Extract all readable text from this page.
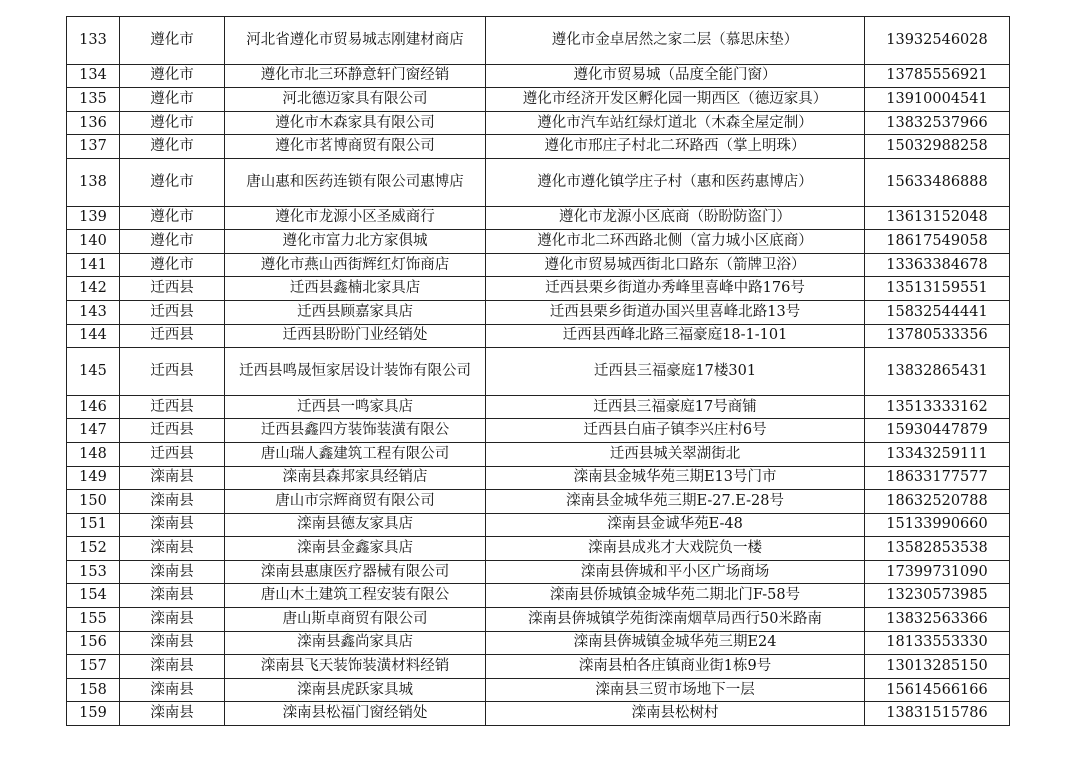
133	遵化市	河北省遵化市贸易城志刚建材商店	遵化市金卓居然之家二层（慕思床垫）	13932546028
134	遵化市	遵化市北三环静意轩门窗经销	遵化市贸易城（品度全能门窗）	13785556921
135	遵化市	河北德迈家具有限公司	遵化市经济开发区孵化园一期西区（德迈家具）	13910004541
136	遵化市	遵化市木森家具有限公司	遵化市汽车站红绿灯道北（木森全屋定制）	13832537966
137	遵化市	遵化市茗博商贸有限公司	遵化市邢庄子村北二环路西（掌上明珠）	15032988258
138	遵化市	唐山惠和医药连锁有限公司惠博店	遵化市遵化镇学庄子村（惠和医药惠博店）	15633486888
139	遵化市	遵化市龙源小区圣威商行	遵化市龙源小区底商（盼盼防盗门）	13613152048
140	遵化市	遵化市富力北方家俱城	遵化市北二环西路北侧（富力城小区底商）	18617549058
141	遵化市	遵化市燕山西街辉红灯饰商店	遵化市贸易城西街北口路东（箭牌卫浴）	13363384678
142	迁西县	迁西县鑫楠北家具店	迁西县栗乡街道办秀峰里喜峰中路176号	13513159551
143	迁西县	迁西县顾嘉家具店	迁西县栗乡街道办国兴里喜峰北路13号	15832544441
144	迁西县	迁西县盼盼门业经销处	迁西县西峰北路三福豪庭18-1-101	13780533356
145	迁西县	迁西县鸣晟恒家居设计装饰有限公司	迁西县三福豪庭17楼301	13832865431
146	迁西县	迁西县一鸣家具店	迁西县三福豪庭17号商铺	13513333162
147	迁西县	迁西县鑫四方装饰装潢有限公	迁西县白庙子镇李兴庄村6号	15930447879
148	迁西县	唐山瑞人鑫建筑工程有限公司	迁西县城关翠湖街北	13343259111
149	滦南县	滦南县森邦家具经销店	滦南县金城华苑三期E13号门市	18633177577
150	滦南县	唐山市宗辉商贸有限公司	滦南县金城华苑三期E-27.E-28号	18632520788
151	滦南县	滦南县德友家具店	滦南县金诚华苑E-48	15133990660
152	滦南县	滦南县金鑫家具店	滦南县成兆才大戏院负一楼	13582853538
153	滦南县	滦南县惠康医疗器械有限公司	滦南县倴城和平小区广场商场	17399731090
154	滦南县	唐山木土建筑工程安装有限公	滦南县侨城镇金城华苑二期北门F-58号	13230573985
155	滦南县	唐山斯卓商贸有限公司	滦南县倴城镇学苑街滦南烟草局西行50米路南	13832563366
156	滦南县	滦南县鑫尚家具店	滦南县倴城镇金城华苑三期E24	18133553330
157	滦南县	滦南县飞天装饰装潢材料经销	滦南县柏各庄镇商业街1栋9号	13013285150
158	滦南县	滦南县虎跃家具城	滦南县三贸市场地下一层	15614566166
159	滦南县	滦南县松福门窗经销处	滦南县松树村	13831515786
